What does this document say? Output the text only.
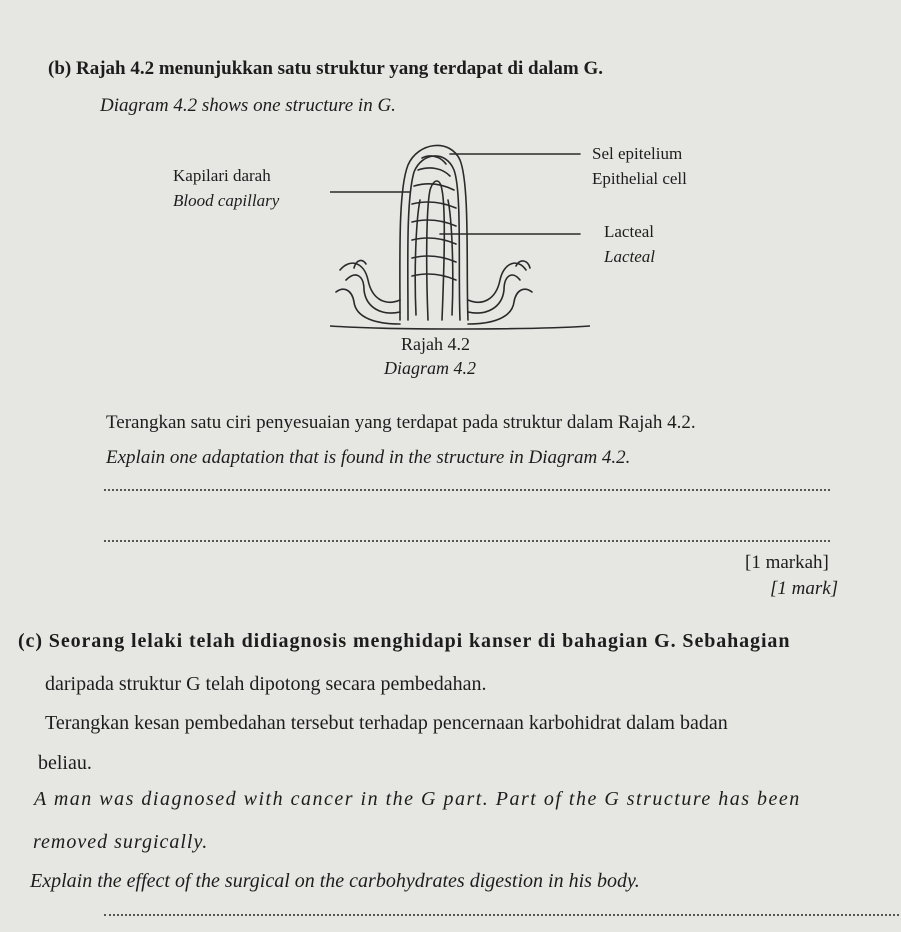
(b) Rajah 4.2 menunjukkan satu struktur yang terdapat di dalam G.
Diagram 4.2 shows one structure in G.
Kapilari darah
Blood capillary
Sel epitelium
Epithelial cell
Lacteal
Lacteal
Rajah 4.2
Diagram 4.2
Terangkan satu ciri penyesuaian yang terdapat pada struktur dalam Rajah 4.2.
Explain one adaptation that is found in the structure in Diagram 4.2.
[1 markah]
[1 mark]
(c) Seorang lelaki telah didiagnosis menghidapi kanser di bahagian G. Sebahagian
daripada struktur G telah dipotong secara pembedahan.
Terangkan kesan pembedahan tersebut terhadap pencernaan karbohidrat dalam badan
beliau.
A man was diagnosed with cancer in the G part. Part of the G structure has been
removed surgically.
Explain the effect of the surgical on the carbohydrates digestion in his body.
